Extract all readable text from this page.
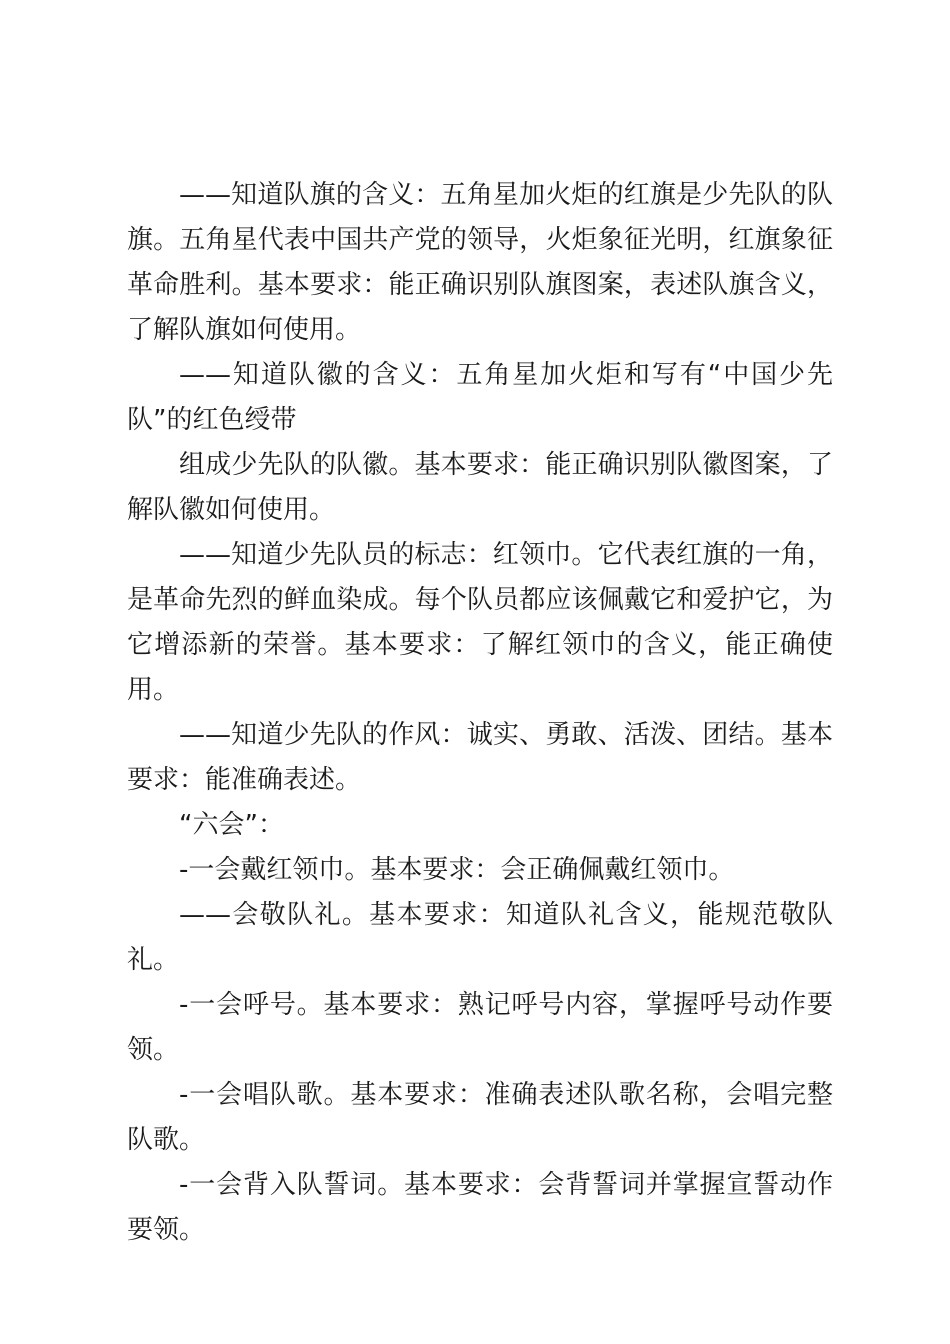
——知道队旗的含义：五角星加火炬的红旗是少先队的队旗。五角星代表中国共产党的领导，火炬象征光明，红旗象征革命胜利。基本要求：能正确识别队旗图案，表述队旗含义，了解队旗如何使用。

——知道队徽的含义：五角星加火炬和写有“中国少先队”的红色绶带

组成少先队的队徽。基本要求：能正确识别队徽图案，了解队徽如何使用。

——知道少先队员的标志：红领巾。它代表红旗的一角，是革命先烈的鲜血染成。每个队员都应该佩戴它和爱护它，为它增添新的荣誉。基本要求：了解红领巾的含义，能正确使用。

——知道少先队的作风：诚实、勇敢、活泼、团结。基本要求：能准确表述。

“六会”：

-一会戴红领巾。基本要求：会正确佩戴红领巾。

——会敬队礼。基本要求：知道队礼含义，能规范敬队礼。

-一会呼号。基本要求：熟记呼号内容，掌握呼号动作要领。

-一会唱队歌。基本要求：准确表述队歌名称，会唱完整队歌。

-一会背入队誓词。基本要求：会背誓词并掌握宣誓动作要领。
